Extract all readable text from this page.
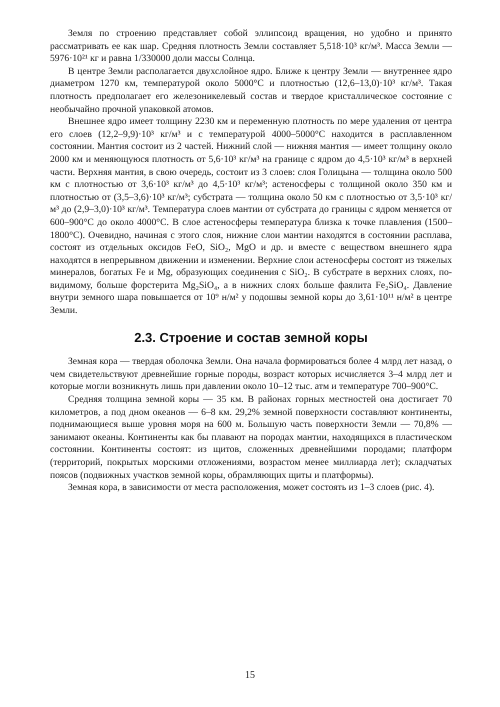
Земля по строению представляет собой эллипсоид вращения, но удобно и принято рассматривать ее как шар. Средняя плотность Земли составляет 5,518·10³ кг/м³. Масса Земли — 5976·10²¹ кг и равна 1/330000 доли массы Солнца.

В центре Земли располагается двухслойное ядро. Ближе к центру Земли — внутреннее ядро диаметром 1270 км, температурой около 5000°С и плотностью (12,6–13,0)·10³ кг/м³. Такая плотность предполагает его железоникелевый состав и твердое кристаллическое состояние с необычайно прочной упаковкой атомов.

Внешнее ядро имеет толщину 2230 км и переменную плотность по мере удаления от центра его слоев (12,2–9,9)·10³ кг/м³ и с температурой 4000–5000°С находится в расплавленном состоянии. Мантия состоит из 2 частей. Нижний слой — нижняя мантия — имеет толщину около 2000 км и меняющуюся плотность от 5,6·10³ кг/м³ на границе с ядром до 4,5·10³ кг/м³ в верхней части. Верхняя мантия, в свою очередь, состоит из 3 слоев: слоя Голицына — толщина около 500 км с плотностью от 3,6·10³ кг/м³ до 4,5·10³ кг/м³; астеносферы с толщиной около 350 км и плотностью от (3,5–3,6)·10³ кг/м³; субстрата — толщина около 50 км с плотностью от 3,5·10³ кг/м³ до (2,9–3,0)·10³ кг/м³. Температура слоев мантии от субстрата до границы с ядром меняется от 600–900°С до около 4000°С. В слое астеносферы температура близка к точке плавления (1500–1800°С). Очевидно, начиная с этого слоя, нижние слои мантии находятся в состоянии расплава, состоят из отдельных оксидов FeO, SiO₂, MgO и др. и вместе с веществом внешнего ядра находятся в непрерывном движении и изменении. Верхние слои астеносферы состоят из тяжелых минералов, богатых Fe и Mg, образующих соединения с SiO₂. В субстрате в верхних слоях, по-видимому, больше форстерита Mg₂SiO₄, а в нижних слоях больше фаялита Fe₂SiO₄. Давление внутри земного шара повышается от 10⁹ н/м² у подошвы земной коры до 3,61·10¹¹ н/м² в центре Земли.

2.3. Строение и состав земной коры

Земная кора — твердая оболочка Земли. Она начала формироваться более 4 млрд лет назад, о чем свидетельствуют древнейшие горные породы, возраст которых исчисляется 3–4 млрд лет и которые могли возникнуть лишь при давлении около 10–12 тыс. атм и температуре 700–900°С.

Средняя толщина земной коры — 35 км. В районах горных местностей она достигает 70 километров, а под дном океанов — 6–8 км. 29,2% земной поверхности составляют континенты, поднимающиеся выше уровня моря на 600 м. Большую часть поверхности Земли — 70,8% — занимают океаны. Континенты как бы плавают на породах мантии, находящихся в пластическом состоянии. Континенты состоят: из щитов, сложенных древнейшими породами; платформ (территорий, покрытых морскими отложениями, возрастом менее миллиарда лет); складчатых поясов (подвижных участков земной коры, обрамляющих щиты и платформы).

Земная кора, в зависимости от места расположения, может состоять из 1–3 слоев (рис. 4).

15
